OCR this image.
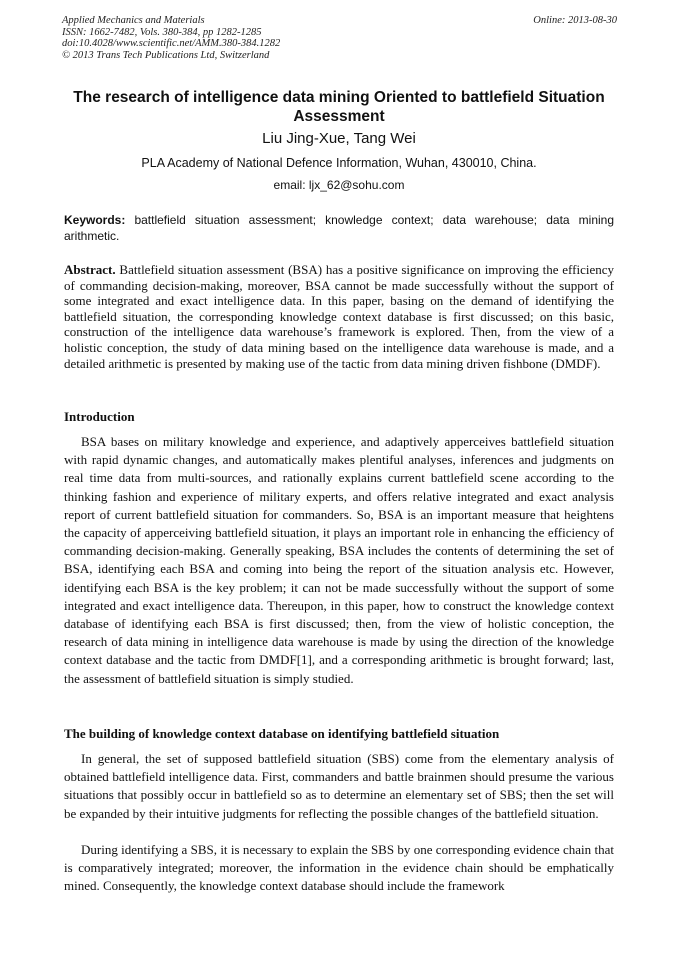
Applied Mechanics and Materials
ISSN: 1662-7482, Vols. 380-384, pp 1282-1285
doi:10.4028/www.scientific.net/AMM.380-384.1282
© 2013 Trans Tech Publications Ltd, Switzerland
Online: 2013-08-30
The research of intelligence data mining Oriented to battlefield Situation Assessment
Liu Jing-Xue, Tang Wei
PLA Academy of National Defence Information, Wuhan, 430010, China.
email: ljx_62@sohu.com
Keywords: battlefield situation assessment; knowledge context; data warehouse; data mining arithmetic.
Abstract. Battlefield situation assessment (BSA) has a positive significance on improving the efficiency of commanding decision-making, moreover, BSA cannot be made successfully without the support of some integrated and exact intelligence data. In this paper, basing on the demand of identifying the battlefield situation, the corresponding knowledge context database is first discussed; on this basic, construction of the intelligence data warehouse’s framework is explored. Then, from the view of a holistic conception, the study of data mining based on the intelligence data warehouse is made, and a detailed arithmetic is presented by making use of the tactic from data mining driven fishbone (DMDF).
Introduction

BSA bases on military knowledge and experience, and adaptively apperceives battlefield situation with rapid dynamic changes, and automatically makes plentiful analyses, inferences and judgments on real time data from multi-sources, and rationally explains current battlefield scene according to the thinking fashion and experience of military experts, and offers relative integrated and exact analysis report of current battlefield situation for commanders. So, BSA is an important measure that heightens the capacity of apperceiving battlefield situation, it plays an important role in enhancing the efficiency of commanding decision-making. Generally speaking, BSA includes the contents of determining the set of BSA, identifying each BSA and coming into being the report of the situation analysis etc. However, identifying each BSA is the key problem; it can not be made successfully without the support of some integrated and exact intelligence data. Thereupon, in this paper, how to construct the knowledge context database of identifying each BSA is first discussed; then, from the view of holistic conception, the research of data mining in intelligence data warehouse is made by using the direction of the knowledge context database and the tactic from DMDF[1], and a corresponding arithmetic is brought forward; last, the assessment of battlefield situation is simply studied.

The building of knowledge context database on identifying battlefield situation

In general, the set of supposed battlefield situation (SBS) come from the elementary analysis of obtained battlefield intelligence data. First, commanders and battle brainmen should presume the various situations that possibly occur in battlefield so as to determine an elementary set of SBS; then the set will be expanded by their intuitive judgments for reflecting the possible changes of the battlefield situation.

During identifying a SBS, it is necessary to explain the SBS by one corresponding evidence chain that is comparatively integrated; moreover, the information in the evidence chain should be emphatically mined. Consequently, the knowledge context database should include the framework
